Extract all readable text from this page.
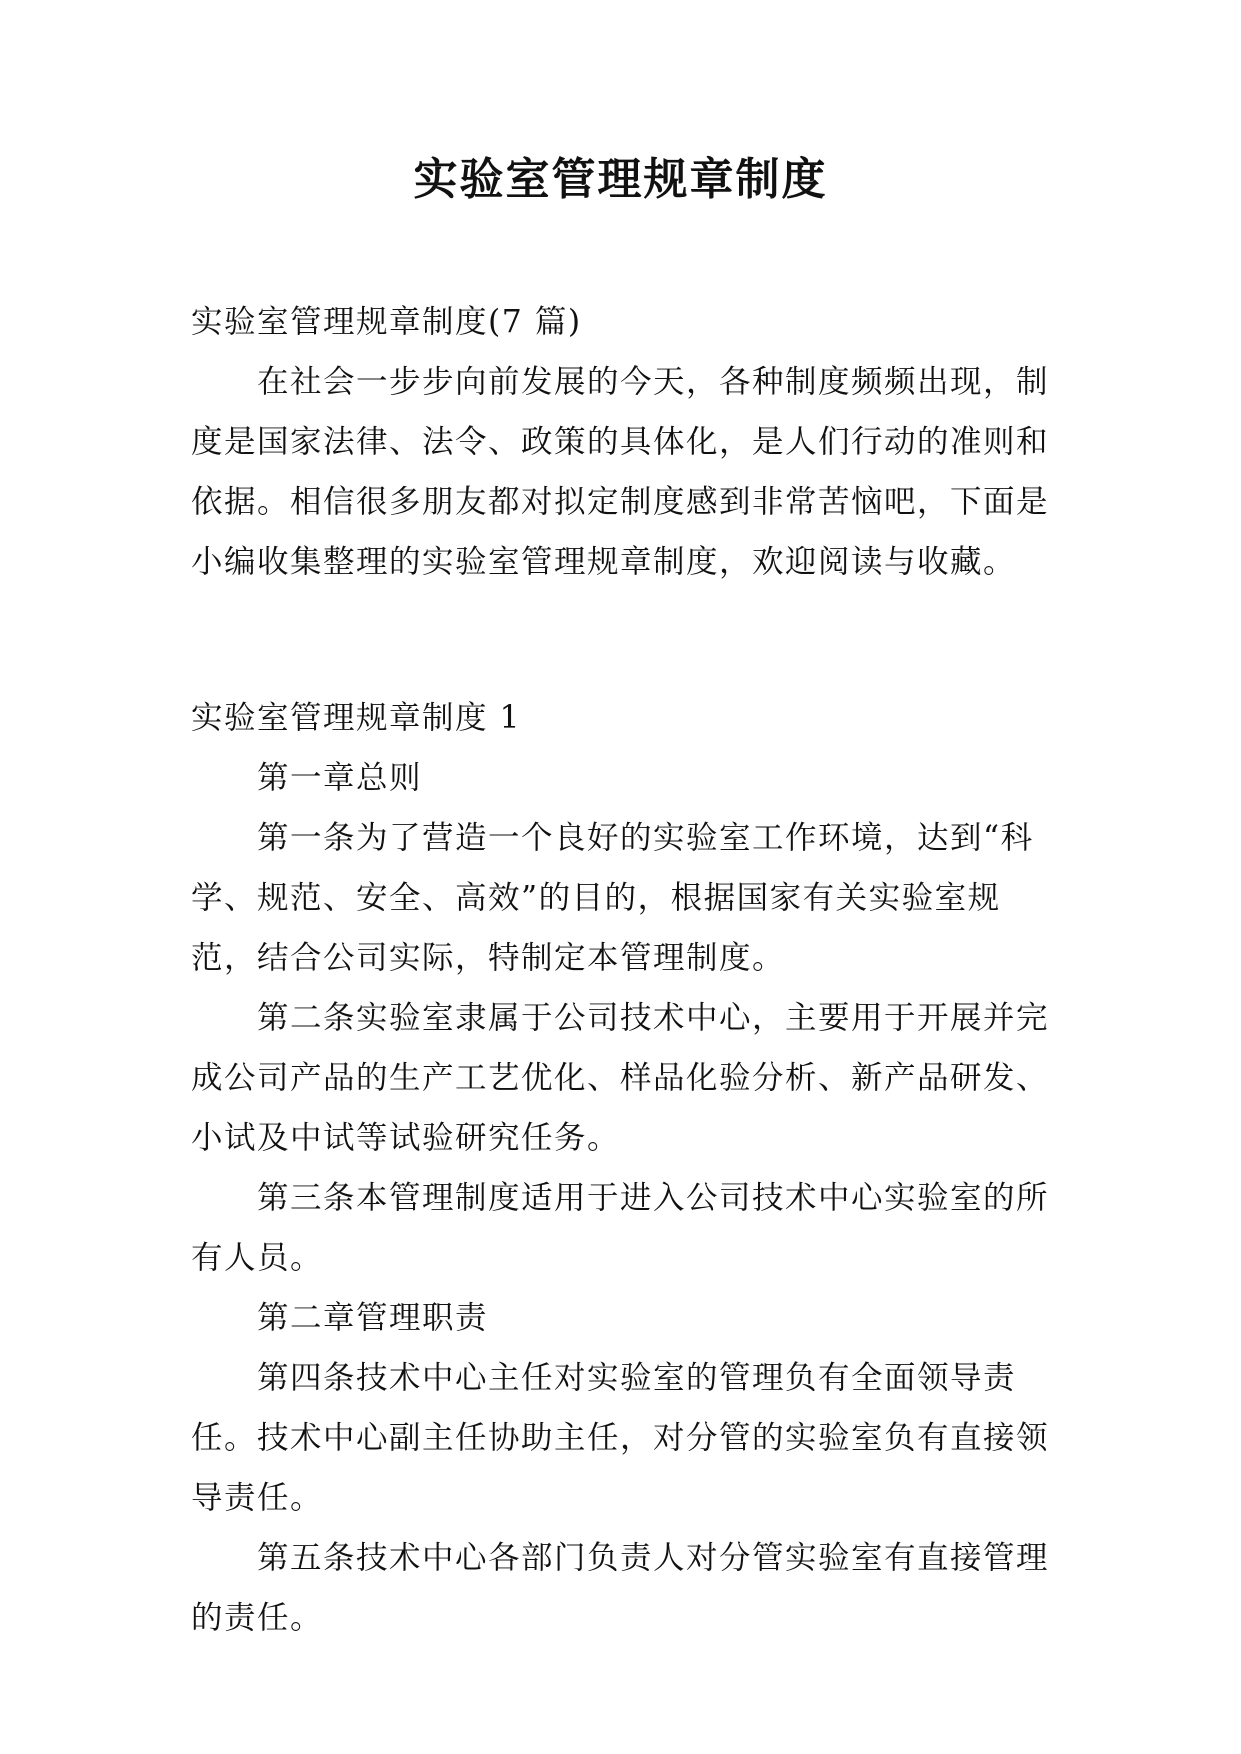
实验室管理规章制度

实验室管理规章制度(7 篇)

在社会一步步向前发展的今天，各种制度频频出现，制度是国家法律、法令、政策的具体化，是人们行动的准则和依据。相信很多朋友都对拟定制度感到非常苦恼吧，下面是小编收集整理的实验室管理规章制度，欢迎阅读与收藏。

实验室管理规章制度 1

第一章总则

第一条为了营造一个良好的实验室工作环境，达到“科学、规范、安全、高效”的目的，根据国家有关实验室规范，结合公司实际，特制定本管理制度。

第二条实验室隶属于公司技术中心，主要用于开展并完成公司产品的生产工艺优化、样品化验分析、新产品研发、小试及中试等试验研究任务。

第三条本管理制度适用于进入公司技术中心实验室的所有人员。

第二章管理职责

第四条技术中心主任对实验室的管理负有全面领导责任。技术中心副主任协助主任，对分管的实验室负有直接领导责任。

第五条技术中心各部门负责人对分管实验室有直接管理的责任。
